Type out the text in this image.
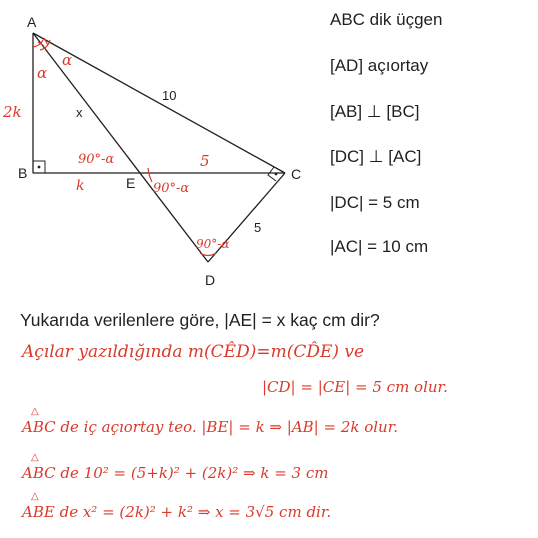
A
B	C
D
E
10
x
5
2k
α
α
90°-α	5
k	90°-α
90°-α
ABC dik üçgen
[AD] açıortay
[AB] ⊥ [BC]
[DC] ⊥ [AC]
|DC| = 5 cm
|AC| = 10 cm
Yukarıda verilenlere göre, |AE| = x kaç cm dir?
Açılar yazıldığında m(CÊD)=m(CD̂E) ve
|CD| = |CE| = 5 cm olur.
△
ABC de iç açıortay teo. |BE| = k ⇒ |AB| = 2k olur.
△
ABC de 10² = (5+k)² + (2k)² ⇒ k = 3 cm
△
ABE de x² = (2k)² + k² ⇒ x = 3√5 cm dir.
